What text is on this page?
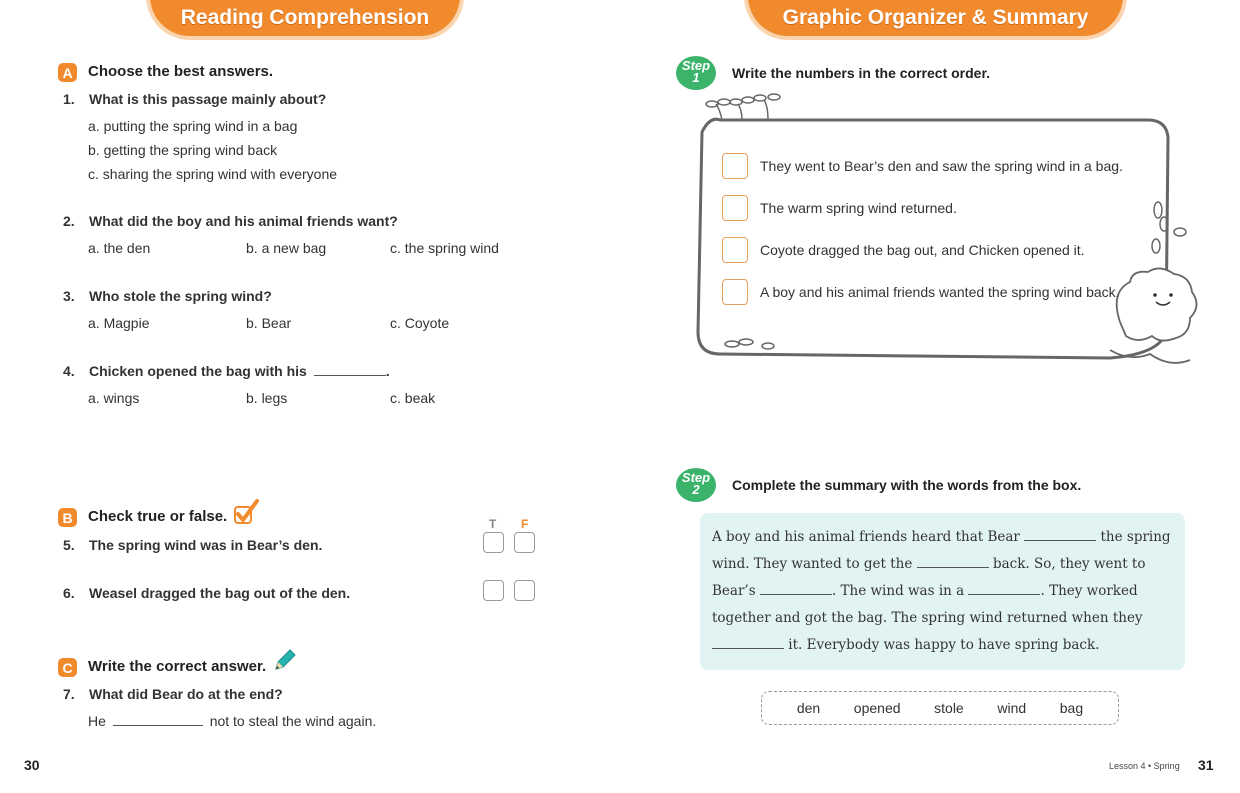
Reading Comprehension
A Choose the best answers.
1. What is this passage mainly about?
a. putting the spring wind in a bag
b. getting the spring wind back
c. sharing the spring wind with everyone
2. What did the boy and his animal friends want?
a. the den	b. a new bag	c. the spring wind
3. Who stole the spring wind?
a. Magpie	b. Bear	c. Coyote
4. Chicken opened the bag with his	.
a. wings	b. legs	c. beak
B Check true or false.	T F
5. The spring wind was in Bear’s den.
6. Weasel dragged the bag out of the den.
C Write the correct answer.
7. What did Bear do at the end?
He	not to steal the wind again.
30
Graphic Organizer & Summary
Step
1	Write the numbers in the correct order.
They went to Bear’s den and saw the spring wind in a bag.
The warm spring wind returned.
Coyote dragged the bag out, and Chicken opened it.
A boy and his animal friends wanted the spring wind back.
Step
2	Complete the summary with the words from the box.
A boy and his animal friends heard that Bear	the spring wind. They wanted to get the	back. So, they went to Bear’s	. The wind was in a	. They worked together and got the bag. The spring wind returned when they  it. Everybody was happy to have spring back.
den opened stole wind bag
Lesson 4 • Spring 31
